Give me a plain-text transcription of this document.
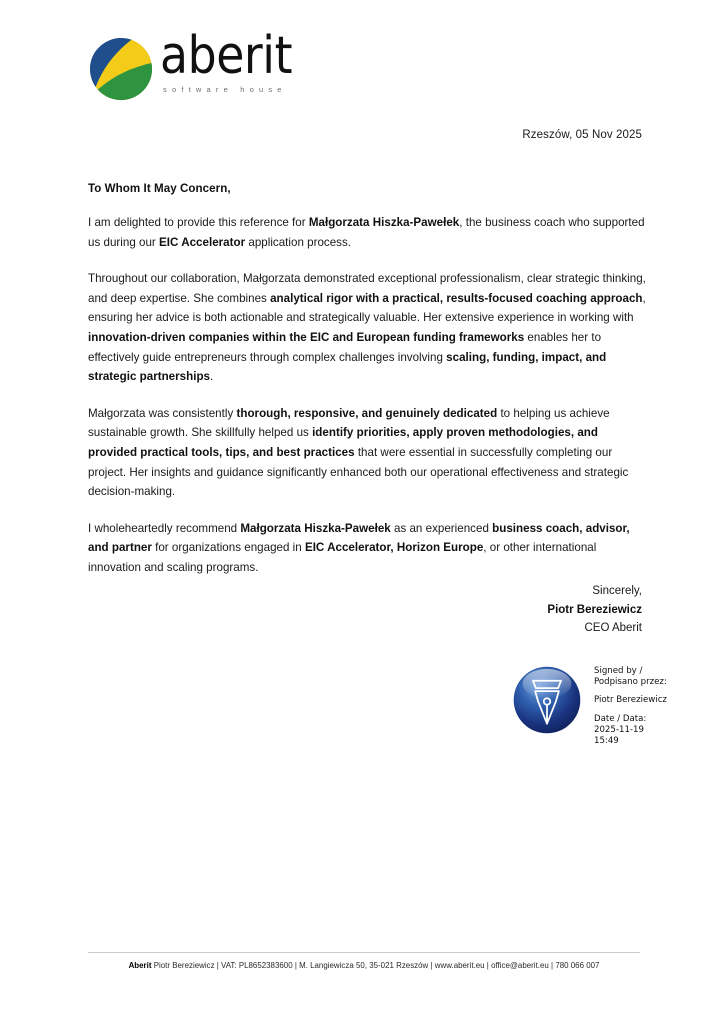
aberit
software house
Rzeszów, 05 Nov 2025
To Whom It May Concern,

I am delighted to provide this reference for Małgorzata Hiszka-Pawełek, the business coach who supported us during our EIC Accelerator application process.

Throughout our collaboration, Małgorzata demonstrated exceptional professionalism, clear strategic thinking, and deep expertise. She combines analytical rigor with a practical, results-focused coaching approach, ensuring her advice is both actionable and strategically valuable. Her extensive experience in working with innovation-driven companies within the EIC and European funding frameworks enables her to effectively guide entrepreneurs through complex challenges involving scaling, funding, impact, and strategic partnerships.

Małgorzata was consistently thorough, responsive, and genuinely dedicated to helping us achieve sustainable growth. She skillfully helped us identify priorities, apply proven methodologies, and provided practical tools, tips, and best practices that were essential in successfully completing our project. Her insights and guidance significantly enhanced both our operational effectiveness and strategic decision-making.

I wholeheartedly recommend Małgorzata Hiszka-Pawełek as an experienced business coach, advisor, and partner for organizations engaged in EIC Accelerator, Horizon Europe, or other international innovation and scaling programs.

Sincerely,
Piotr Bereziewicz
CEO Aberit
Signed by /
Podpisano przez:
Piotr Bereziewicz
Date / Data:
2025-11-19
15:49
Aberit Piotr Bereziewicz | VAT: PL8652383600 | M. Langiewicza 50, 35-021 Rzeszów | www.aberit.eu | office@aberit.eu | 780 066 007
